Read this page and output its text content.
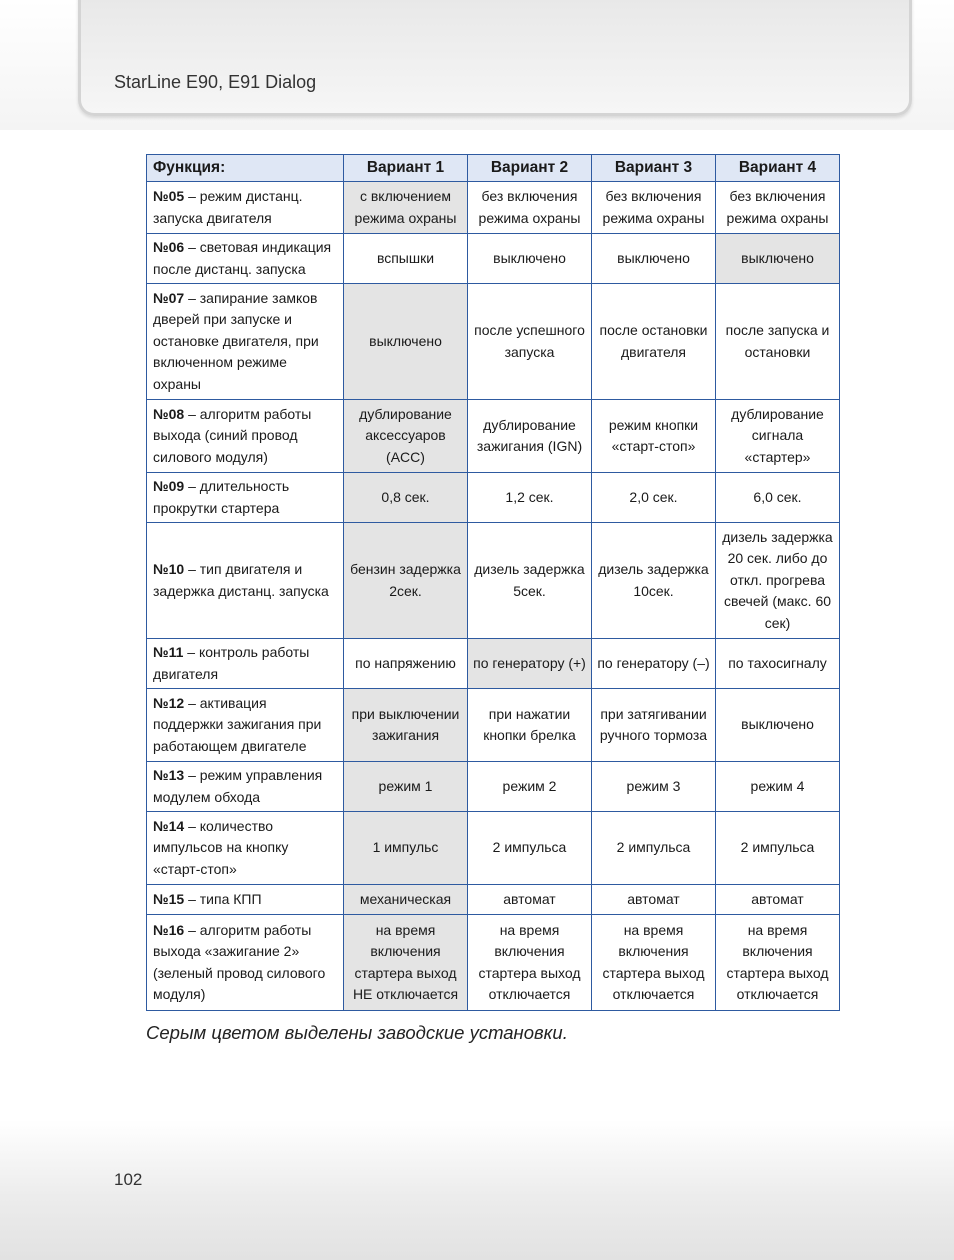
StarLine E90, E91 Dialog
Функция:	Вариант 1	Вариант 2	Вариант 3	Вариант 4
№05 – режим дистанц. запуска двигателя	с включением режима охраны	без включения режима охраны	без включения режима охраны	без включения режима охраны
№06 – световая индикация после дистанц. запуска	вспышки	выключено	выключено	выключено
№07 – запирание замков дверей при запуске и остановке двигателя, при включенном режиме охраны	выключено	после успешного запуска	после остановки двигателя	после запуска и остановки
№08 – алгоритм работы выхода (синий провод силового модуля)	дублирование аксессуаров (ACC)	дублирование зажигания (IGN)	режим кнопки «старт-стоп»	дублирование сигнала «стартер»
№09 – длительность прокрутки стартера	0,8 сек.	1,2 сек.	2,0 сек.	6,0 сек.
№10 – тип двигателя и задержка дистанц. запуска	бензин задержка 2сек.	дизель задержка 5сек.	дизель задержка 10сек.	дизель задержка 20 сек. либо до откл. прогрева свечей (макс. 60 сек)
№11 – контроль работы двигателя	по напряжению	по генератору (+)	по генератору (–)	по тахосигналу
№12 – активация поддержки зажигания при работающем двигателе	при выключении зажигания	при нажатии кнопки брелка	при затягивании ручного тормоза	выключено
№13 – режим управления модулем обхода	режим 1	режим 2	режим 3	режим 4
№14 – количество импульсов на кнопку «старт-стоп»	1 импульс	2 импульса	2 импульса	2 импульса
№15 – типа КПП	механическая	автомат	автомат	автомат
№16 – алгоритм работы выхода «зажигание 2» (зеленый провод силового модуля)	на время включения стартера выход НЕ отключается	на время включения стартера выход отключается	на время включения стартера выход отключается	на время включения стартера выход отключается
Серым цветом выделены заводские установки.
102
